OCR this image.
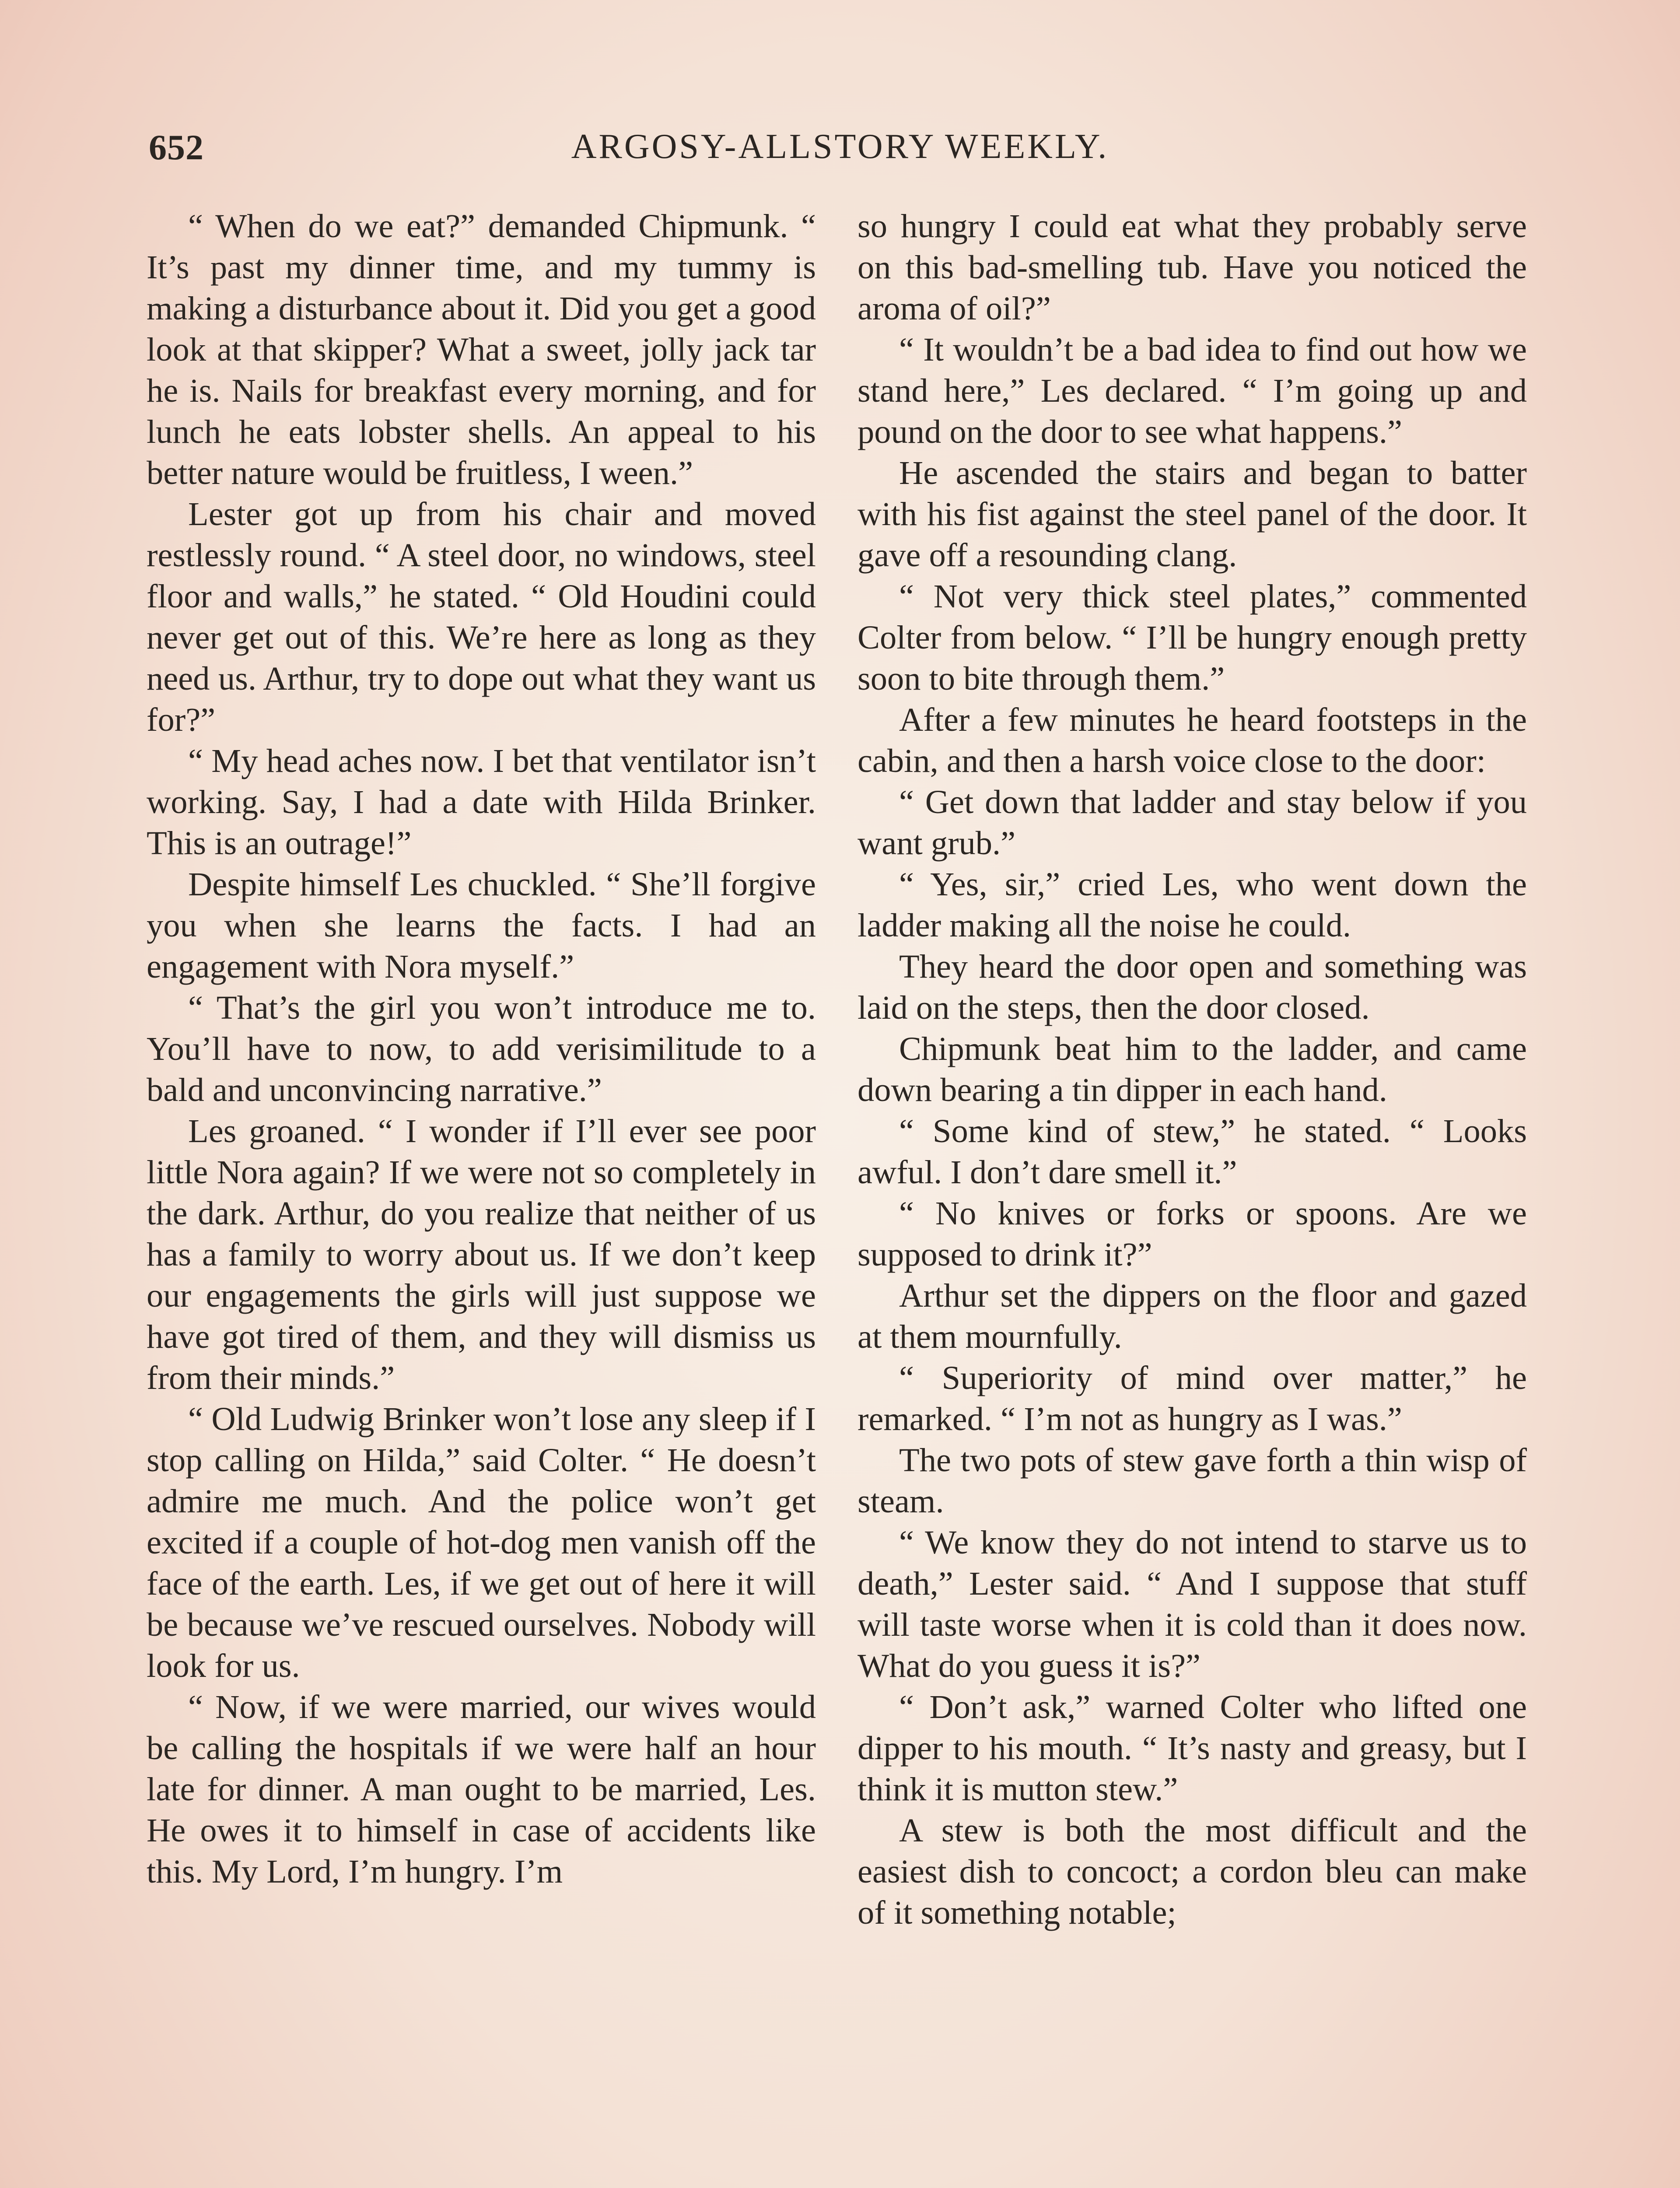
652	ARGOSY-ALLSTORY WEEKLY.

“ When do we eat?” demanded Chipmunk. “ It’s past my dinner time, and my tummy is making a disturbance about it. Did you get a good look at that skipper? What a sweet, jolly jack tar he is. Nails for breakfast every morning, and for lunch he eats lobster shells. An appeal to his better nature would be fruitless, I ween.”

Lester got up from his chair and moved restlessly round. “ A steel door, no windows, steel floor and walls,” he stated. “ Old Houdini could never get out of this. We’re here as long as they need us. Arthur, try to dope out what they want us for?”

“ My head aches now. I bet that ventilator isn’t working. Say, I had a date with Hilda Brinker. This is an outrage!”

Despite himself Les chuckled. “ She’ll forgive you when she learns the facts. I had an engagement with Nora myself.”

“ That’s the girl you won’t introduce me to. You’ll have to now, to add verisimilitude to a bald and unconvincing narrative.”

Les groaned. “ I wonder if I’ll ever see poor little Nora again? If we were not so completely in the dark. Arthur, do you realize that neither of us has a family to worry about us. If we don’t keep our engagements the girls will just suppose we have got tired of them, and they will dismiss us from their minds.”

“ Old Ludwig Brinker won’t lose any sleep if I stop calling on Hilda,” said Colter. “ He doesn’t admire me much. And the police won’t get excited if a couple of hot-dog men vanish off the face of the earth. Les, if we get out of here it will be because we’ve rescued ourselves. Nobody will look for us.

“ Now, if we were married, our wives would be calling the hospitals if we were half an hour late for dinner. A man ought to be married, Les. He owes it to himself in case of accidents like this. My Lord, I’m hungry. I’m

so hungry I could eat what they probably serve on this bad-smelling tub. Have you noticed the aroma of oil?”

“ It wouldn’t be a bad idea to find out how we stand here,” Les declared. “ I’m going up and pound on the door to see what happens.”

He ascended the stairs and began to batter with his fist against the steel panel of the door. It gave off a resounding clang.

“ Not very thick steel plates,” commented Colter from below. “ I’ll be hungry enough pretty soon to bite through them.”

After a few minutes he heard footsteps in the cabin, and then a harsh voice close to the door:

“ Get down that ladder and stay below if you want grub.”

“ Yes, sir,” cried Les, who went down the ladder making all the noise he could.

They heard the door open and something was laid on the steps, then the door closed.

Chipmunk beat him to the ladder, and came down bearing a tin dipper in each hand.

“ Some kind of stew,” he stated. “ Looks awful. I don’t dare smell it.”

“ No knives or forks or spoons. Are we supposed to drink it?”

Arthur set the dippers on the floor and gazed at them mournfully.

“ Superiority of mind over matter,” he remarked. “ I’m not as hungry as I was.”

The two pots of stew gave forth a thin wisp of steam.

“ We know they do not intend to starve us to death,” Lester said. “ And I suppose that stuff will taste worse when it is cold than it does now. What do you guess it is?”

“ Don’t ask,” warned Colter who lifted one dipper to his mouth. “ It’s nasty and greasy, but I think it is mutton stew.”

A stew is both the most difficult and the easiest dish to concoct; a cordon bleu can make of it something notable;
